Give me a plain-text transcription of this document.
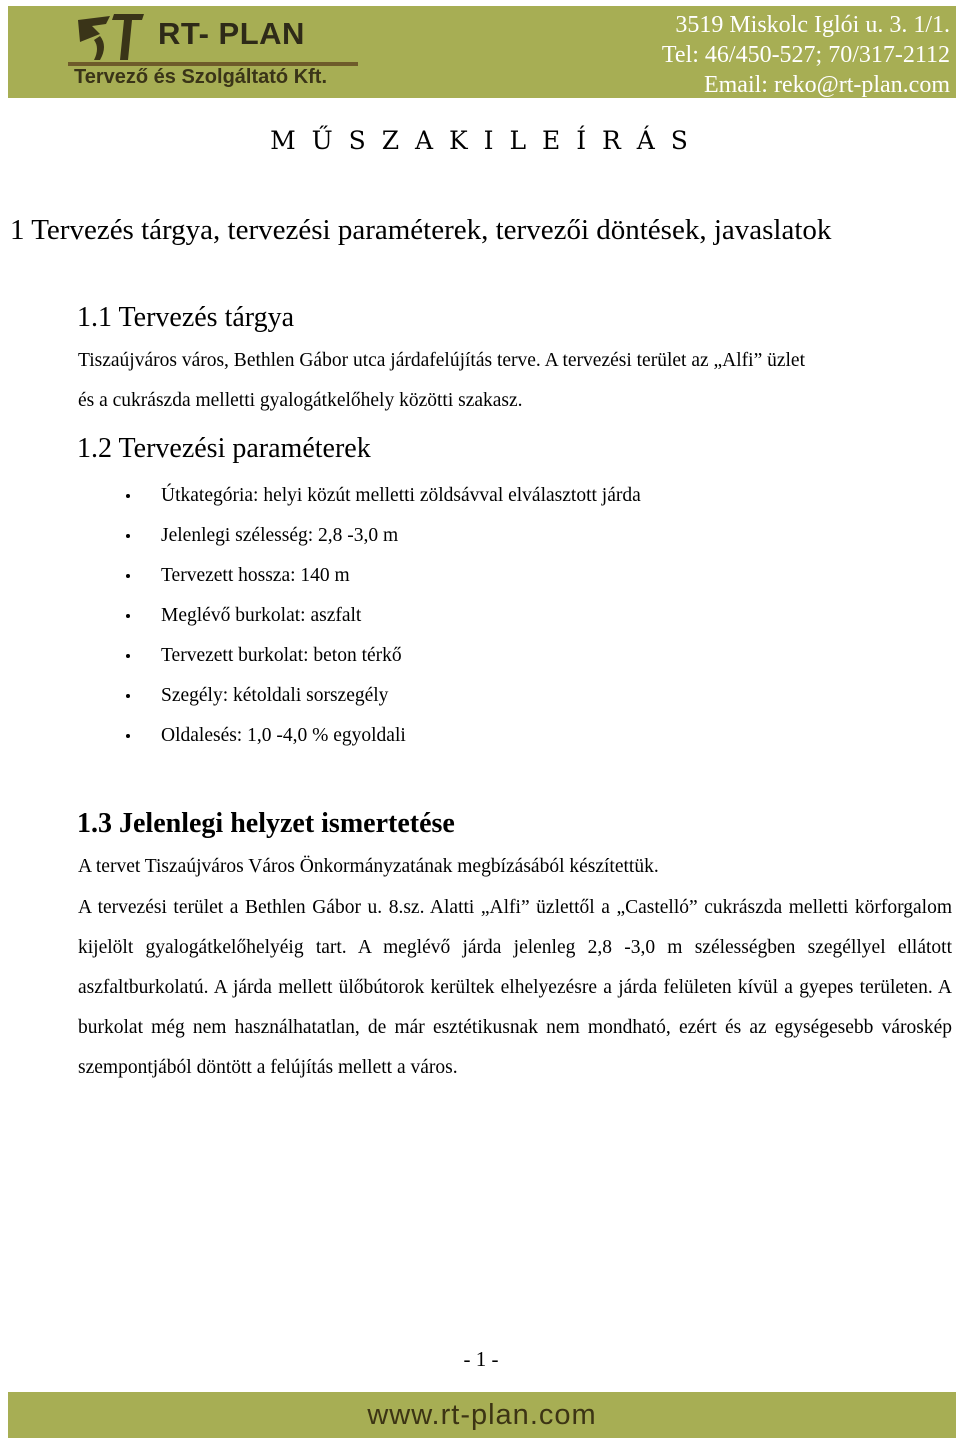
RT- PLAN
Tervező és Szolgáltató Kft.
3519 Miskolc Iglói u. 3. 1/1.
Tel: 46/450-527; 70/317-2112
Email: reko@rt-plan.com
M Ű S Z A K I L E Í R Á S
1 Tervezés tárgya, tervezési paraméterek, tervezői döntések, javaslatok
1.1 Tervezés tárgya
Tiszaújváros város, Bethlen Gábor utca járdafelújítás terve. A tervezési terület az „Alfi” üzlet
és a cukrászda melletti gyalogátkelőhely közötti szakasz.
1.2 Tervezési paraméterek
Útkategória: helyi közút melletti zöldsávval elválasztott járda
Jelenlegi szélesség: 2,8 -3,0 m
Tervezett hossza: 140 m
Meglévő burkolat: aszfalt
Tervezett burkolat: beton térkő
Szegély: kétoldali sorszegély
Oldalesés: 1,0 -4,0 % egyoldali
1.3 Jelenlegi helyzet ismertetése
A tervet Tiszaújváros Város Önkormányzatának megbízásából készítettük.

A tervezési terület a Bethlen Gábor u. 8.sz. Alatti „Alfi” üzlettől a „Castelló” cukrászda melletti körforgalom kijelölt gyalogátkelőhelyéig tart. A meglévő járda jelenleg 2,8 -3,0 m szélességben szegéllyel ellátott aszfaltburkolatú. A járda mellett ülőbútorok kerültek elhelyezésre a járda felületen kívül a gyepes területen. A burkolat még nem használhatatlan, de már esztétikusnak nem mondható, ezért és az egységesebb városkép szempontjából döntött a felújítás mellett a város.

- 1 -
www.rt-plan.com
